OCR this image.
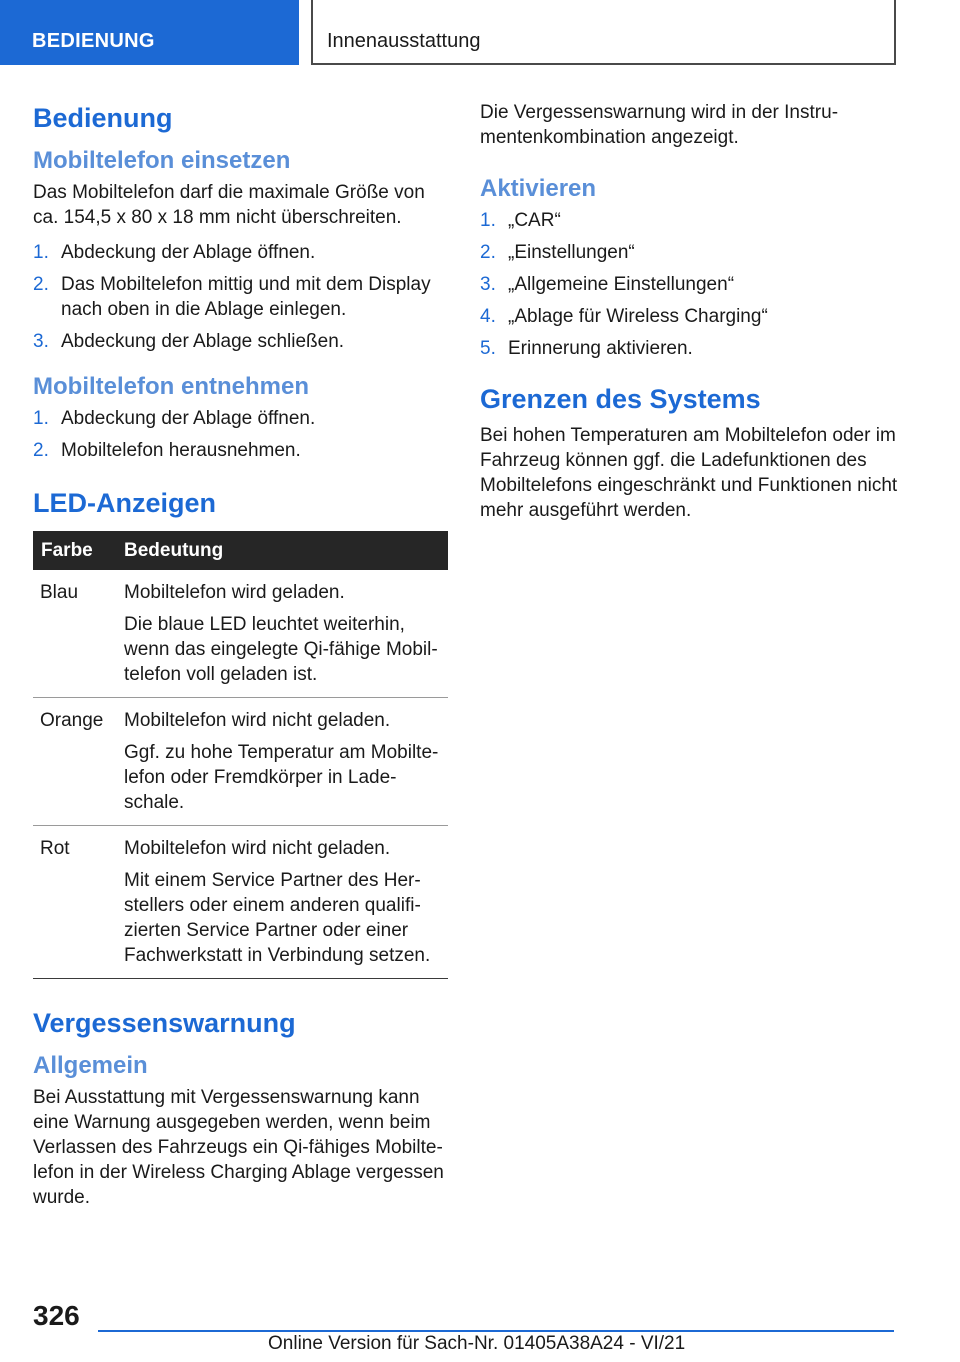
BEDIENUNG	Innenausstattung
Bedienung
Mobiltelefon einsetzen

Das Mobiltelefon darf die maximale Größe von ca. 154,5 x 80 x 18 mm nicht überschreiten.

1. Abdeckung der Ablage öffnen.
2. Das Mobiltelefon mittig und mit dem Display nach oben in die Ablage einlegen.
3. Abdeckung der Ablage schließen.
Mobiltelefon entnehmen
1. Abdeckung der Ablage öffnen.
2. Mobiltelefon herausnehmen.
LED-Anzeigen
Farbe	Bedeutung
Blau	Mobiltelefon wird geladen.
Die blaue LED leuchtet weiterhin, wenn das eingelegte Qi-fähige Mobiltelefon voll geladen ist.

Orange	Mobiltelefon wird nicht geladen.
Ggf. zu hohe Temperatur am Mobiltelefon oder Fremdkörper in Ladeschale.

Rot	Mobiltelefon wird nicht geladen.
Mit einem Service Partner des Herstellers oder einem anderen qualifizierten Service Partner oder einer Fachwerkstatt in Verbindung setzen.
Vergessenswarnung
Allgemein

Bei Ausstattung mit Vergessenswarnung kann eine Warnung ausgegeben werden, wenn beim Verlassen des Fahrzeugs ein Qi-fähiges Mobiltelefon in der Wireless Charging Ablage vergessen wurde.

Die Vergessenswarnung wird in der Instrumentenkombination angezeigt.

Aktivieren
1. „CAR“
2. „Einstellungen“
3. „Allgemeine Einstellungen“
4. „Ablage für Wireless Charging“
5. Erinnerung aktivieren.
Grenzen des Systems

Bei hohen Temperaturen am Mobiltelefon oder im Fahrzeug können ggf. die Ladefunktionen des Mobiltelefons eingeschränkt und Funktionen nicht mehr ausgeführt werden.

326
Online Version für Sach-Nr. 01405A38A24 - VI/21
